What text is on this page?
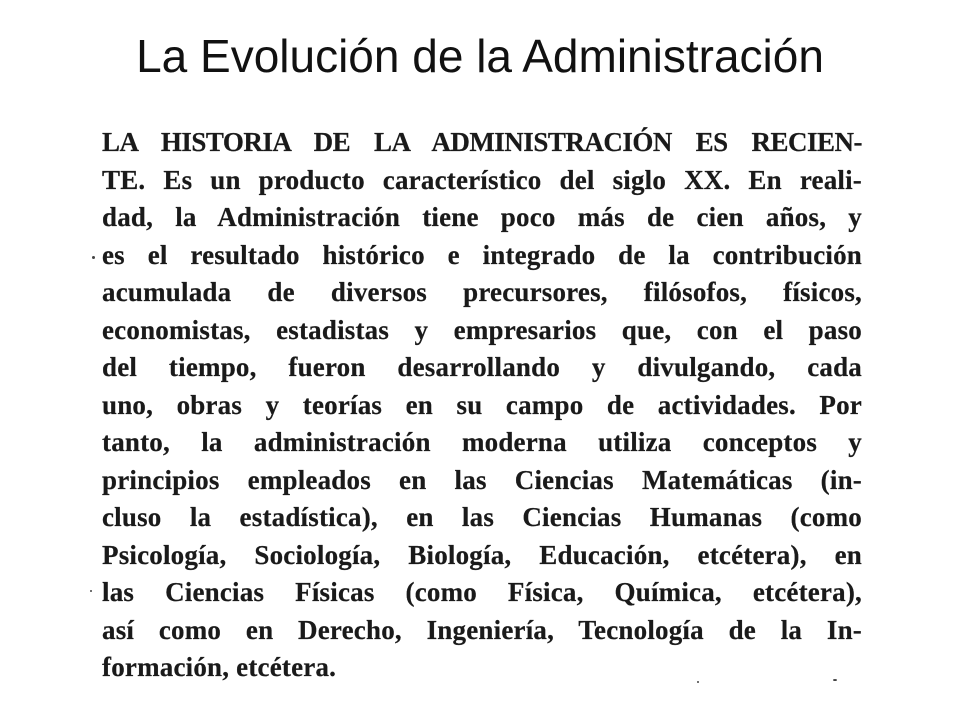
La Evolución de la Administración
LA HISTORIA DE LA ADMINISTRACIÓN ES RECIEN-
TE. Es un producto característico del siglo XX. En reali-
dad, la Administración tiene poco más de cien años, y
es el resultado histórico e integrado de la contribución
acumulada de diversos precursores, filósofos, físicos,
economistas, estadistas y empresarios que, con el paso
del tiempo, fueron desarrollando y divulgando, cada
uno, obras y teorías en su campo de actividades. Por
tanto, la administración moderna utiliza conceptos y
principios empleados en las Ciencias Matemáticas (in-
cluso la estadística), en las Ciencias Humanas (como
Psicología, Sociología, Biología, Educación, etcétera), en
las Ciencias Físicas (como Física, Química, etcétera),
así como en Derecho, Ingeniería, Tecnología de la In-
formación, etcétera.
